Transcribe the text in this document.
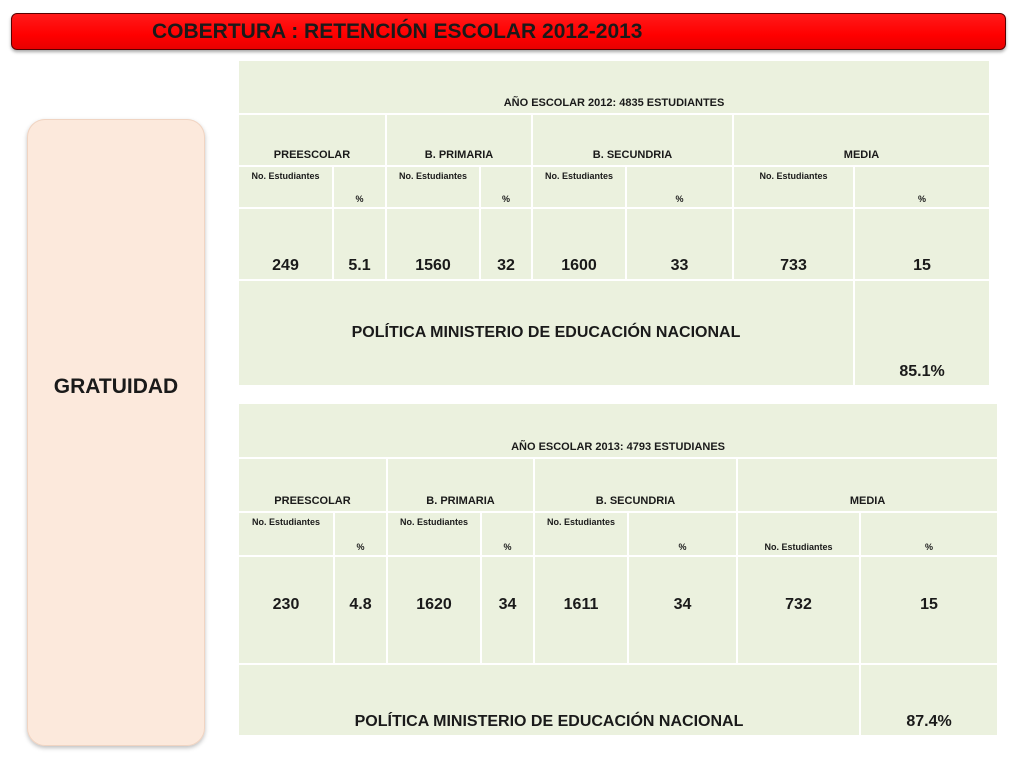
COBERTURA : RETENCIÓN ESCOLAR 2012-2013
GRATUIDAD
AÑO ESCOLAR 2012: 4835 ESTUDIANTES							
PREESCOLAR		B. PRIMARIA		B. SECUNDRIA		MEDIA	
No. Estudiantes	%	No. Estudiantes	%	No. Estudiantes	%	No. Estudiantes	%
249	5.1	1560	32	1600	33	733	15
POLÍTICA MINISTERIO DE EDUCACIÓN NACIONAL							85.1%
AÑO ESCOLAR 2013: 4793 ESTUDIANES							
PREESCOLAR		B. PRIMARIA		B. SECUNDRIA		MEDIA	
No. Estudiantes	%	No. Estudiantes	%	No. Estudiantes	%	No. Estudiantes	%
230	4.8	1620	34	1611	34	732	15
POLÍTICA MINISTERIO DE EDUCACIÓN NACIONAL							87.4%
